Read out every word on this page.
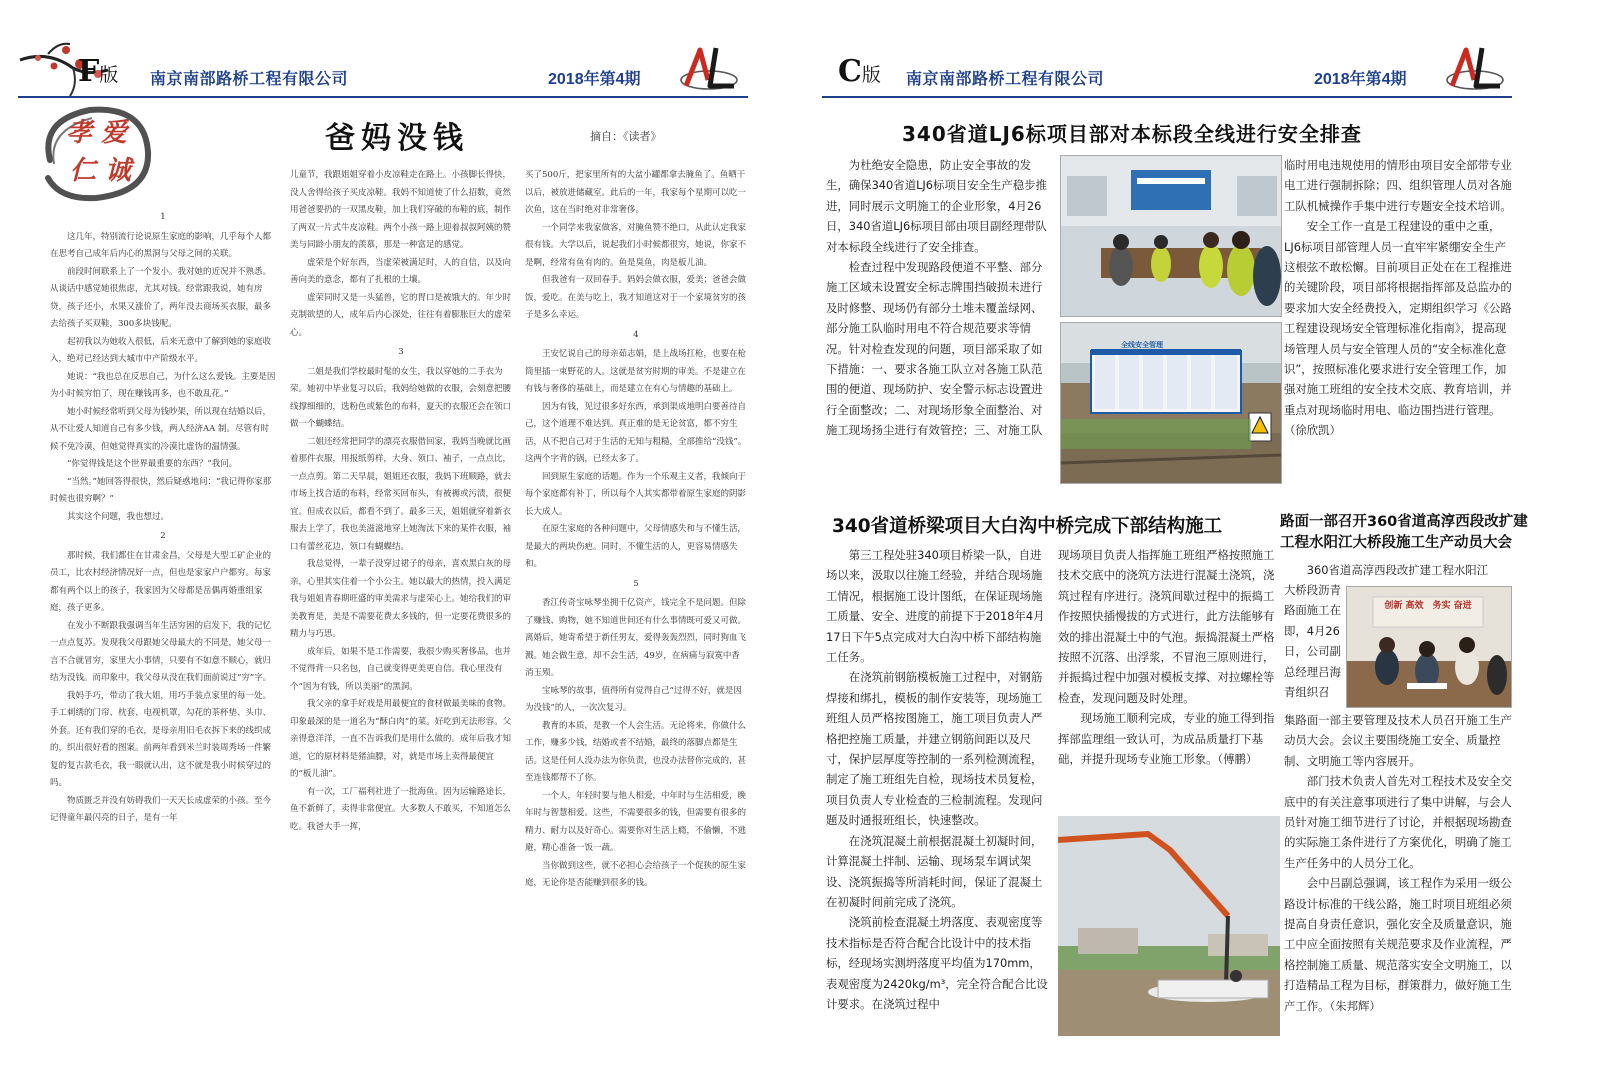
F版 南京南部路桥工程有限公司	2018年第4期
孝 爱
仁 诚
爸妈没钱	摘自：《读者》

1

这几年，特别流行论说原生家庭的影响，几乎每个人都在思考自己成年后内心的黑洞与父母之间的关联。

前段时间联系上了一个发小。我对她的近况并不熟悉。从谈话中感觉她很焦虑，尤其对钱。经常跟我说，她有房贷，孩子还小，水果又涨价了，两年没去商场买衣服，最多去给孩子买双鞋，300多块钱呢。

起初我以为她收入很低，后来无意中了解到她的家庭收入，绝对已经达到大城市中产阶级水平。

她说：“我也总在反思自己，为什么这么爱钱。主要是因为小时候穷怕了，现在赚钱再多，也不敢乱花。”

她小时候经常听到父母为钱吵架，所以现在结婚以后，从不让爱人知道自己有多少钱，两人经济AA 制。尽管有时候不免冷漠，但她觉得真实的冷漠比虚伪的温情强。

“你觉得钱是这个世界最重要的东西？”我问。

“当然。”她回答得很快，然后疑惑地问：“我记得你家那时候也很穷啊？”

其实这个问题，我也想过。

2

那时候，我们都住在甘肃金昌，父母是大型工矿企业的员工，比农村经济情况好一点，但也是家家户户都穷。每家都有两个以上的孩子，我家因为父母都是岳偶再婚重组家庭，孩子更多。

在发小不断跟我强调当年生活穷困的启发下，我的记忆一点点复苏。发现我父母跟她父母最大的不同是，她父母一言不合就冒穷，家里大小事情，只要有不如意不顺心，就归结为没钱。而印象中，我父母从没在我们面前说过“穷”字。

我妈手巧，带动了我大姐，用巧手装点家里的每一处。手工刺绣的门帘、枕套、电视机罩，勾花的茶杯垫、头巾、外套。还有我们穿的毛衣，是母亲用旧毛衣拆下来的线织成的，织出很好看的图案。前两年看到米兰时装周秀场一件繁复的复古款毛衣，我一眼就认出，这不就是我小时候穿过的吗。

物质匮乏并没有妨碍我们一天天长成虚荣的小孩。至今记得童年最闪亮的日子，是有一年

儿童节，我跟姐姐穿着小皮凉鞋走在路上。小孩脚长得快，没人舍得给孩子买皮凉鞋。我妈不知道使了什么招数，竟然用爸爸要扔的一双黑皮鞋，加上我们穿破的布鞋的底，制作了两双一片式牛皮凉鞋。两个小孩一路上迎着叔叔阿姨的赞美与同龄小朋友的羡慕，那是一种富足的感觉。

虚荣是个好东西，当虚荣被满足时，人的自信，以及向善向美的意念，都有了扎根的土壤。

虚荣同时又是一头猛兽，它的胃口是被饿大的。年少时克制欲望的人，成年后内心深处，往往有着膨胀巨大的虚荣心。

3

二姐是我们学校最时髦的女生，我以穿她的二手衣为荣。她初中毕业复习以后，我妈给她做的衣服，会刻意把腰线撑细细的，选粉色或紫色的布料，夏天的衣服还会在领口做一个蝴蝶结。

二姐还经常把同学的漂亮衣服借回家，我妈当晚就比画着那件衣服，用报纸剪样，大身、领口、袖子，一点点比，一点点剪。第二天早晨，姐姐还衣服，我妈下班顺路，就去市场上找合适的布料，经常买回布头，有被褥或污渍，很便宜。但成衣以后，都看不到了。最多三天，姐姐就穿着新衣服去上学了，我也美滋滋地穿上她淘汰下来的某件衣服，袖口有蕾丝花边，领口有蝴蝶结。

我总觉得，一辈子没穿过裙子的母亲，喜欢黑白灰的母亲，心里其实住着一个小公主。她以最大的热情，投入满足我与姐姐青春期旺盛的审美需求与虚荣心上。她给我们的审美教育是，美是不需要花费太多钱的，但一定要花费很多的精力与巧思。

成年后，如果不是工作需要，我很少购买奢侈品，也并不觉得背一只名包，自己就变得更美更自信。我心里没有个“因为有钱，所以美丽”的黑洞。

我父亲的拿手好戏是用最便宜的食材做最美味的食物。印象最深的是一道名为“酥白肉”的菜。好吃到无法形容。父亲得意洋洋，一直不告诉我们是用什么做的。成年后我才知道，它的原材料是猪油膘，对，就是市场上卖得最便宜的“板儿油”。

有一次，工厂福利社进了一批海鱼。因为运输路途长，鱼不新鲜了，卖得非常便宜。大多数人不敢买，不知道怎么吃。我爸大手一挥，

买了500斤，把家里所有的大盆小罐都拿去腌鱼了。鱼晒干以后，被放进储藏室。此后的一年，我家每个星期可以吃一次鱼，这在当时绝对非常奢侈。

一个同学来我家做客，对腌鱼赞不绝口，从此认定我家很有钱。大学以后，说起我们小时候都很穷，她说，你家不是啊，经常有鱼有肉的。鱼是臭鱼，肉是板儿油。

但我爸有一双回春手。妈妈会做衣服，爱美；爸爸会做饭，爱吃。在美与吃上，我才知道这对于一个家境贫穷的孩子是多么幸运。

4

王安忆说自己的母亲茹志娟，是上战场扛枪，也要在枪筒里插一束野花的人。这就是贫穷时期的审美。不是建立在有钱与奢侈的基础上，而是建立在有心与情趣的基础上。

因为有钱，见过很多好东西，承到渠成地明白要善待自己，这个道理不难达到。真正难的是无论贫富，都不穷生活，从不把自己对于生活的无知与粗糙，全部推给“没钱”。这两个字背的锅，已经太多了。

回到原生家庭的话题。作为一个乐观主义者，我倾向于每个家庭都有补丁，所以每个人其实都带着原生家庭的阴影长大成人。

在原生家庭的各种问题中，父母情感失和与不懂生活，是最大的两块伤疤。同时，不懂生活的人，更容易情感失和。

5

香江传奇宝咏琴坐拥千亿资产，钱完全不是问题。但除了赚钱、购物，她不知道世间还有什么事情既可爱又可做。离婚后，她寄希望于新任男友，爱得轰轰烈烈，同时狗血飞溅。她会做生意，却不会生活，49岁，在病痛与寂寞中香消玉殒。

宝咏琴的故事，值得所有觉得自己“过得不好，就是因为没钱”的人，一次次复习。

教育的本质，是教一个人会生活。无论将来，你做什么工作，赚多少钱，结婚或者不结婚，最终的落脚点都是生活。这是任何人没办法为你负责，也没办法替你完成的，甚至连钱都帮不了你。

一个人，年轻时要与他人相爱，中年时与生活相爱，晚年时与智慧相爱。这些，不需要很多的钱，但需要有很多的精力、耐力以及好奇心。需要你对生活上瘾，不偷懒，不逃避，精心准备一饭一蔬。

当你做到这些，就不必担心会给孩子一个促狭的原生家庭，无论你是否能赚到很多的钱。

C版 南京南部路桥工程有限公司	2018年第4期
340省道LJ6标项目部对本标段全线进行安全排查

为杜绝安全隐患，防止安全事故的发生，确保340省道LJ6标项目安全生产稳步推进，同时展示文明施工的企业形象，4月26日，340省道LJ6标项目部由项目副经理带队对本标段全线进行了安全排查。

检查过程中发现路段便道不平整、部分施工区域未设置安全标志牌围挡破损未进行及时修整、现场仍有部分土堆未覆盖绿网、部分施工队临时用电不符合规范要求等情况。针对检查发现的问题，项目部采取了如下措施：一、要求各施工队立对各施工队范围的便道、现场防护、安全警示标志设置进行全面整改；二、对现场形象全面整治、对施工现场扬尘进行有效管控；三、对施工队

全线安全管理

临时用电违规使用的情形由项目安全部带专业电工进行强制拆除；四、组织管理人员对各施工队机械操作手集中进行专题安全技术培训。

安全工作一直是工程建设的重中之重，LJ6标项目部管理人员一直牢牢紧绷安全生产这根弦不敢松懈。目前项目正处在在工程推进的关键阶段，项目部将根据指挥部及总监办的要求加大安全经费投入，定期组织学习《公路工程建设现场安全管理标准化指南》，提高现场管理人员与安全管理人员的“安全标准化意识”，按照标准化要求进行安全管理工作，加强对施工班组的安全技术交底、教育培训，并重点对现场临时用电、临边围挡进行管理。（徐欣凯）

340省道桥梁项目大白沟中桥完成下部结构施工

第三工程处驻340项目桥梁一队，自进场以来，汲取以往施工经验，并结合现场施工情况，根据施工设计图纸，在保证现场施工质量、安全、进度的前提下于2018年4月17日下午5点完成对大白沟中桥下部结构施工任务。

在浇筑前钢筋模板施工过程中，对钢筋焊接和绑扎，模板的制作安装等，现场施工班组人员严格按图施工，施工项目负责人严格把控施工质量，并建立钢筋间距以及尺寸，保护层厚度等控制的一系列检测流程，制定了施工班组先自检，现场技术员复检，项目负责人专业检查的三检制流程。发现问题及时通报班组长，快速整改。

在浇筑混凝土前根据混凝土初凝时间，计算混凝土拌制、运输、现场泵车调试架设、浇筑振捣等所消耗时间，保证了混凝土在初凝时间前完成了浇筑。

浇筑前检查混凝土坍落度、表观密度等技术指标是否符合配合比设计中的技术指标，经现场实测坍落度平均值为170mm，表观密度为2420kg/m³，完全符合配合比设计要求。在浇筑过程中

现场项目负责人指挥施工班组严格按照施工技术交底中的浇筑方法进行混凝土浇筑，浇筑过程有序进行。浇筑间歇过程中的振捣工作按照快插慢拔的方式进行，此方法能够有效的排出混凝土中的气泡。振捣混凝土严格按照不沉落、出浮浆，不冒泡三原则进行，并振捣过程中加强对模板支撑、对拉螺栓等检查，发现问题及时处理。

现场施工顺利完成，专业的施工得到指挥部监理组一致认可，为成品质量打下基础，并提升现场专业施工形象。（傅鹏）

路面一部召开360省道高淳西段改扩建
工程水阳江大桥段施工生产动员大会

360省道高淳西段改扩建工程水阳江

大桥段沥青路面施工在即，4月26日，公司副总经理吕海青组织召

创新 高效　务实 奋进

集路面一部主要管理及技术人员召开施工生产动员大会。会议主要围绕施工安全、质量控制、文明施工等内容展开。

部门技术负责人首先对工程技术及安全交底中的有关注意事项进行了集中讲解，与会人员针对施工细节进行了讨论，并根据现场勘查的实际施工条件进行了方案优化，明确了施工生产任务中的人员分工化。

会中吕副总强调，该工程作为采用一级公路设计标准的干线公路，施工时项目班组必须提高自身责任意识，强化安全及质量意识，施工中应全面按照有关规范要求及作业流程，严格控制施工质量、规范落实安全文明施工，以打造精品工程为目标，群策群力，做好施工生产工作。（朱邦辉）
